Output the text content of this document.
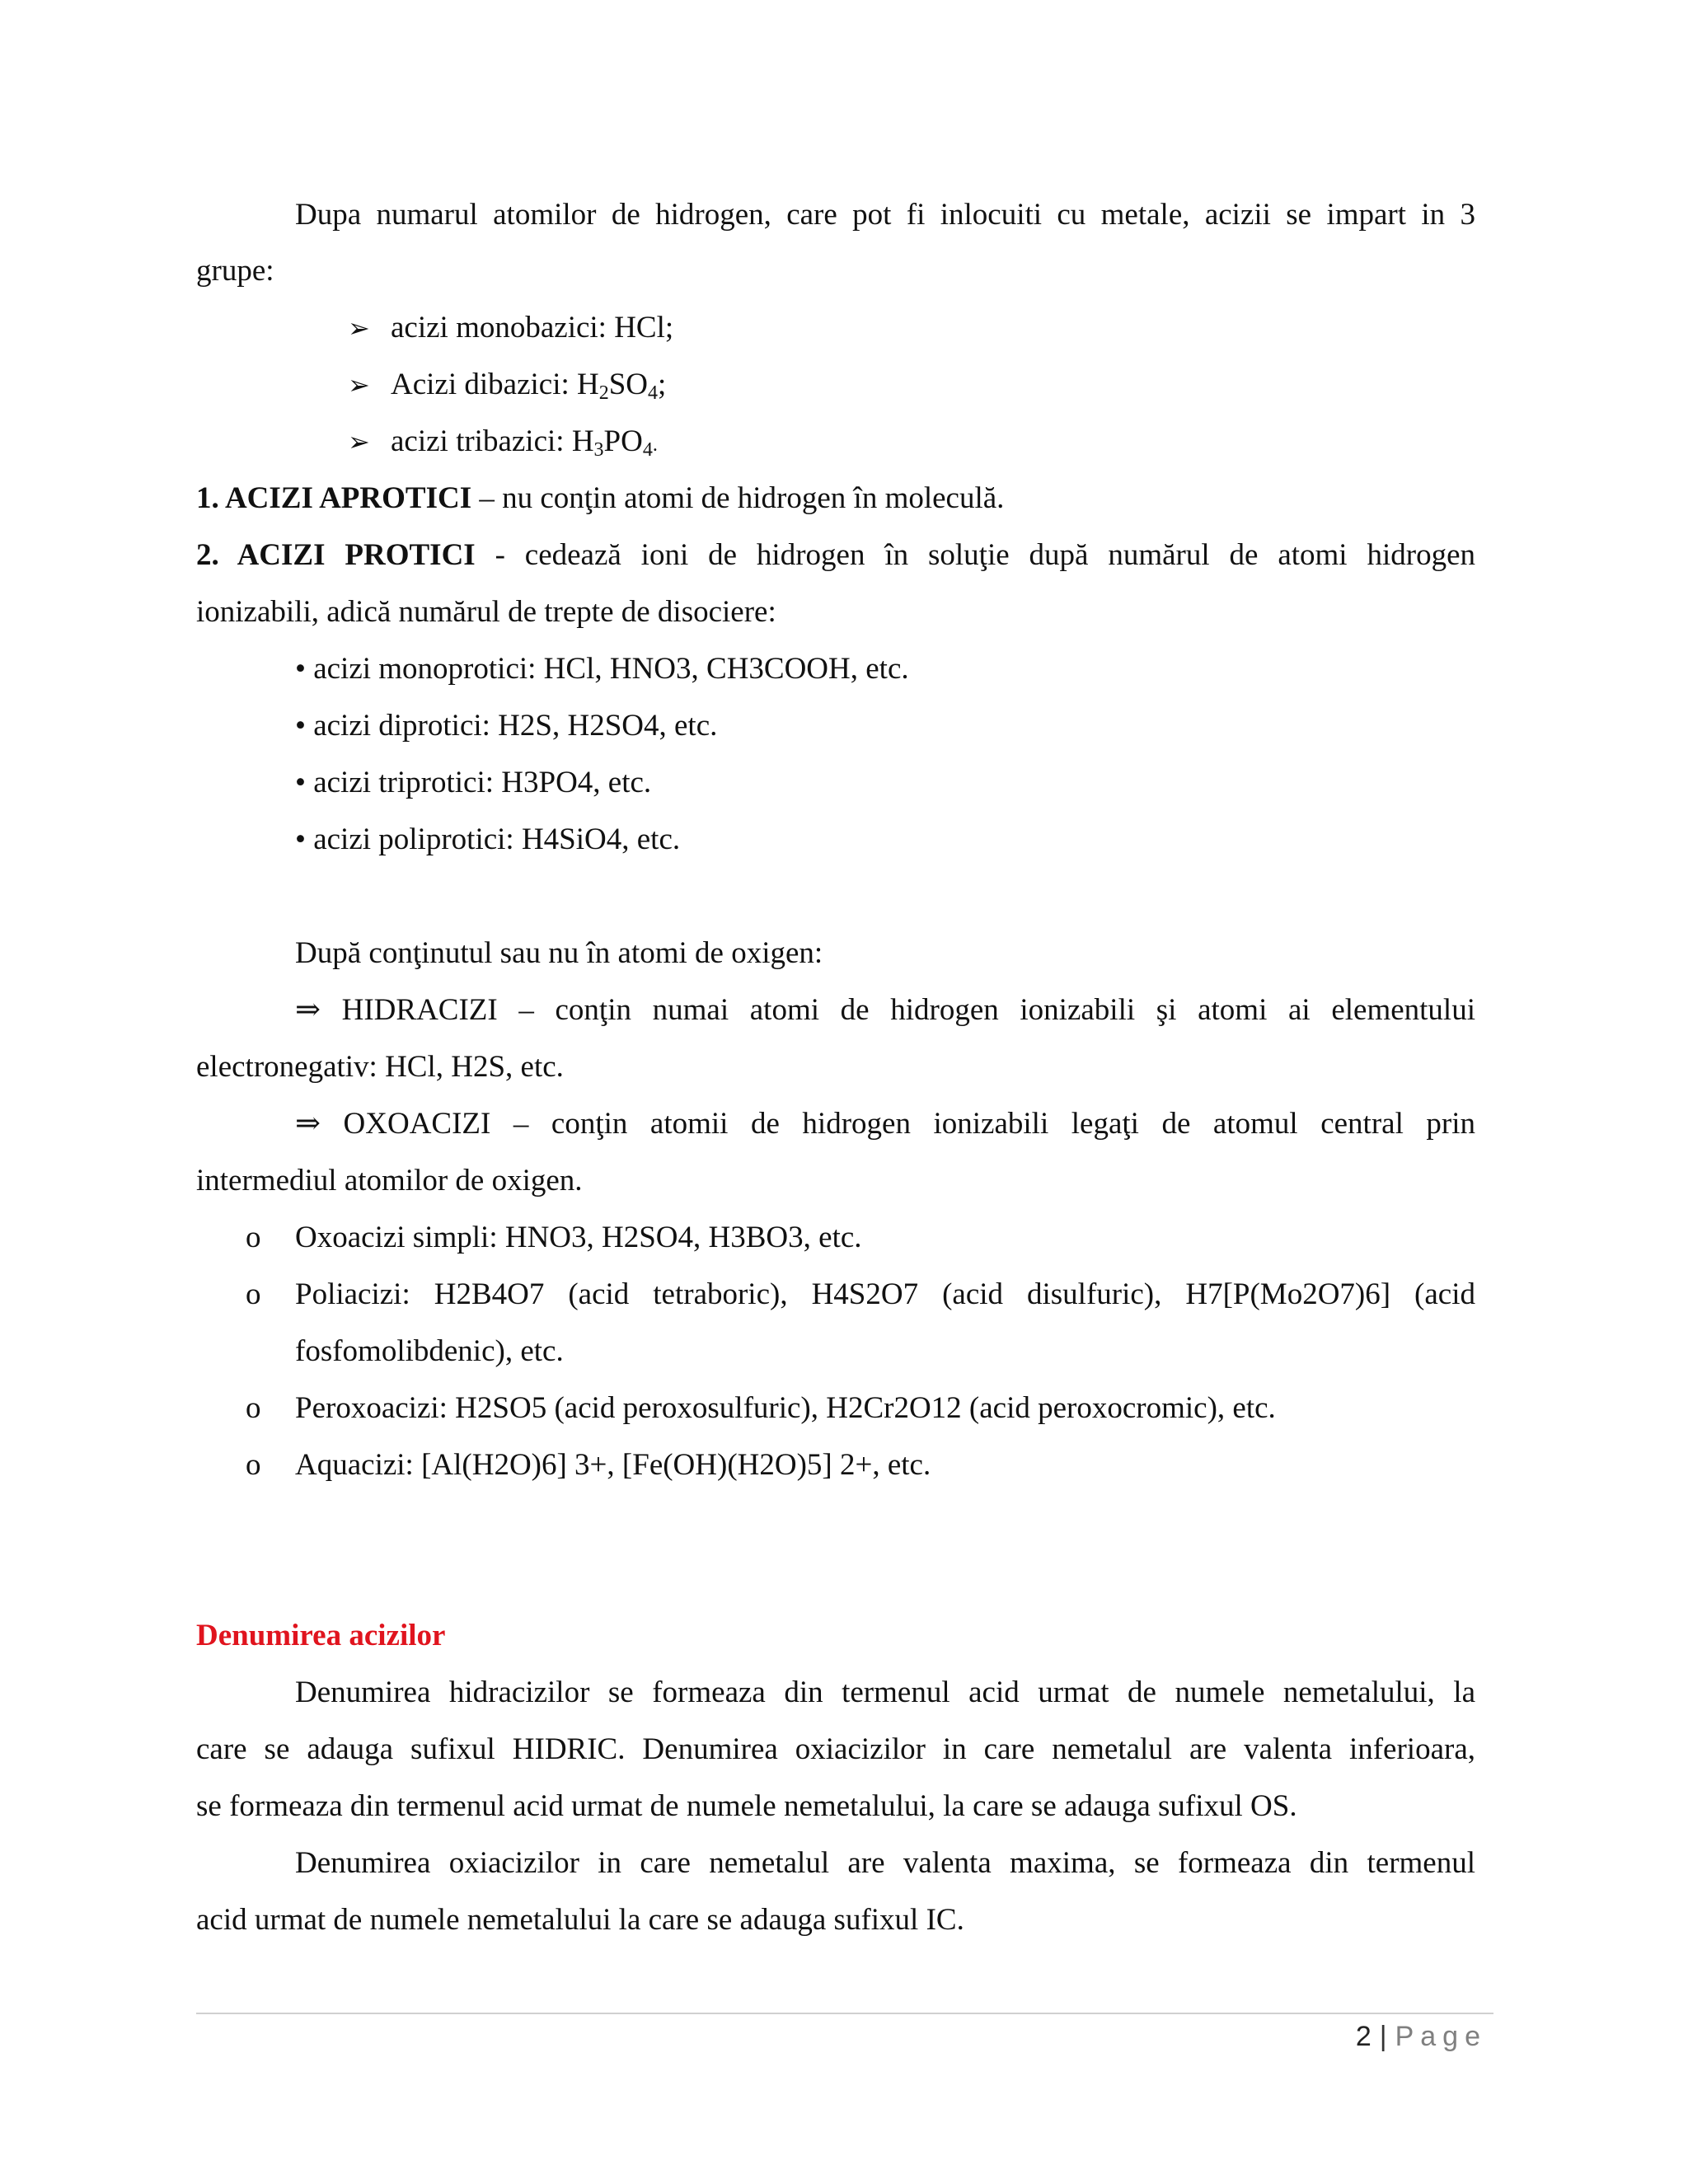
Dupa numarul atomilor de hidrogen, care pot fi inlocuiti cu metale, acizii se impart in 3
grupe:
➢ acizi monobazici: HCl;
➢ Acizi dibazici: $H_2SO_4$;
➢ acizi tribazici: $H_3PO_4$.
1. ACIZI APROTICI – nu conţin atomi de hidrogen în moleculă.
2. ACIZI PROTICI - cedează ioni de hidrogen în soluţie după numărul de atomi hidrogen
ionizabili, adică numărul de trepte de disociere:
• acizi monoprotici: HCl, HNO3, CH3COOH, etc.
• acizi diprotici: H2S, H2SO4, etc.
• acizi triprotici: H3PO4, etc.
• acizi poliprotici: H4SiO4, etc.
După conţinutul sau nu în atomi de oxigen:
⇒ HIDRACIZI – conţin numai atomi de hidrogen ionizabili şi atomi ai elementului
electronegativ: HCl, H2S, etc.
⇒ OXOACIZI – conţin atomii de hidrogen ionizabili legaţi de atomul central prin
intermediul atomilor de oxigen.
o Oxoacizi simpli: HNO3, H2SO4, H3BO3, etc.
o Poliacizi: H2B4O7 (acid tetraboric), H4S2O7 (acid disulfuric), H7[P(Mo2O7)6] (acid
fosfomolibdenic), etc.
o Peroxoacizi: H2SO5 (acid peroxosulfuric), H2Cr2O12 (acid peroxocromic), etc.
o Aquacizi: [Al(H2O)6] 3+, [Fe(OH)(H2O)5] 2+, etc.
Denumirea acizilor
Denumirea hidracizilor se formeaza din termenul acid urmat de numele nemetalului, la
care se adauga sufixul HIDRIC. Denumirea oxiacizilor in care nemetalul are valenta inferioara,
se formeaza din termenul acid urmat de numele nemetalului, la care se adauga sufixul OS.
Denumirea oxiacizilor in care nemetalul are valenta maxima, se formeaza din termenul
acid urmat de numele nemetalului la care se adauga sufixul IC.
2 | Page
